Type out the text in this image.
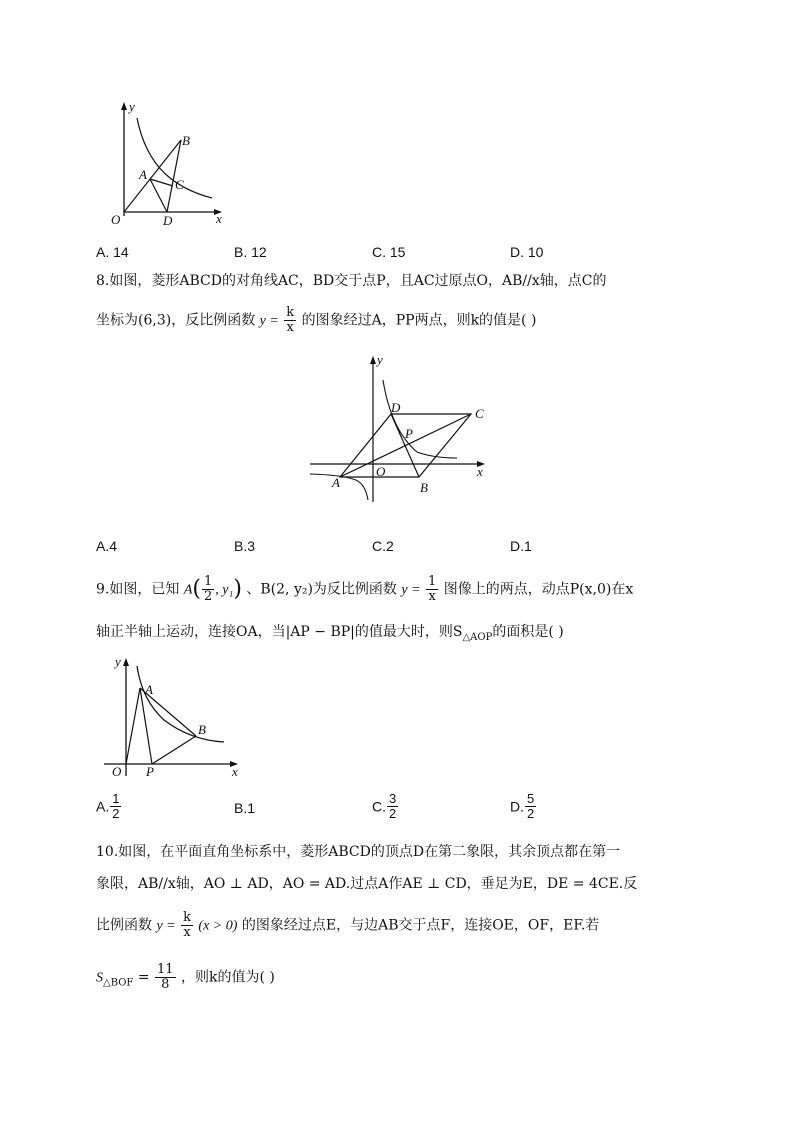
y
B
A
C
O	D	x
A. 14	B. 12	C. 15	D. 10
8.如图，菱形ABCD的对角线AC，BD交于点P，且AC过原点O，AB//x轴，点C的
坐标为(6,3)，反比例函数 $y = \frac{k}{x}$ 的图象经过A，PP两点，则k的值是( )
y
D	C
P
O	x
A	B
A.4	B.3	C.2	D.1
9.如图，已知 $A( \frac{1}{2}$ , y₁) 、B(2, y₂)为反比例函数 $y = \frac{1}{x}$ 图像上的两点，动点P(x,0)在x
轴正半轴上运动，连接OA，当|AP − BP|的值最大时，则$S_{\triangle AOP}$的面积是( )
y
A
B
O P	x
A. $\frac{1}{2}$	B.1	C. $\frac{3}{2}$	D. $\frac{5}{2}$
10.如图，在平面直角坐标系中，菱形ABCD的顶点D在第二象限，其余顶点都在第一
象限，AB//x轴，AO ⊥ AD，AO = AD.过点A作AE ⊥ CD，垂足为E，DE = 4CE.反
比例函数 $y = \frac{k}{x} (x > 0)$ 的图象经过点E，与边AB交于点F，连接OE，OF，EF.若
$S_{\triangle BOF} = \frac{11}{8}$ ，则k的值为( )
